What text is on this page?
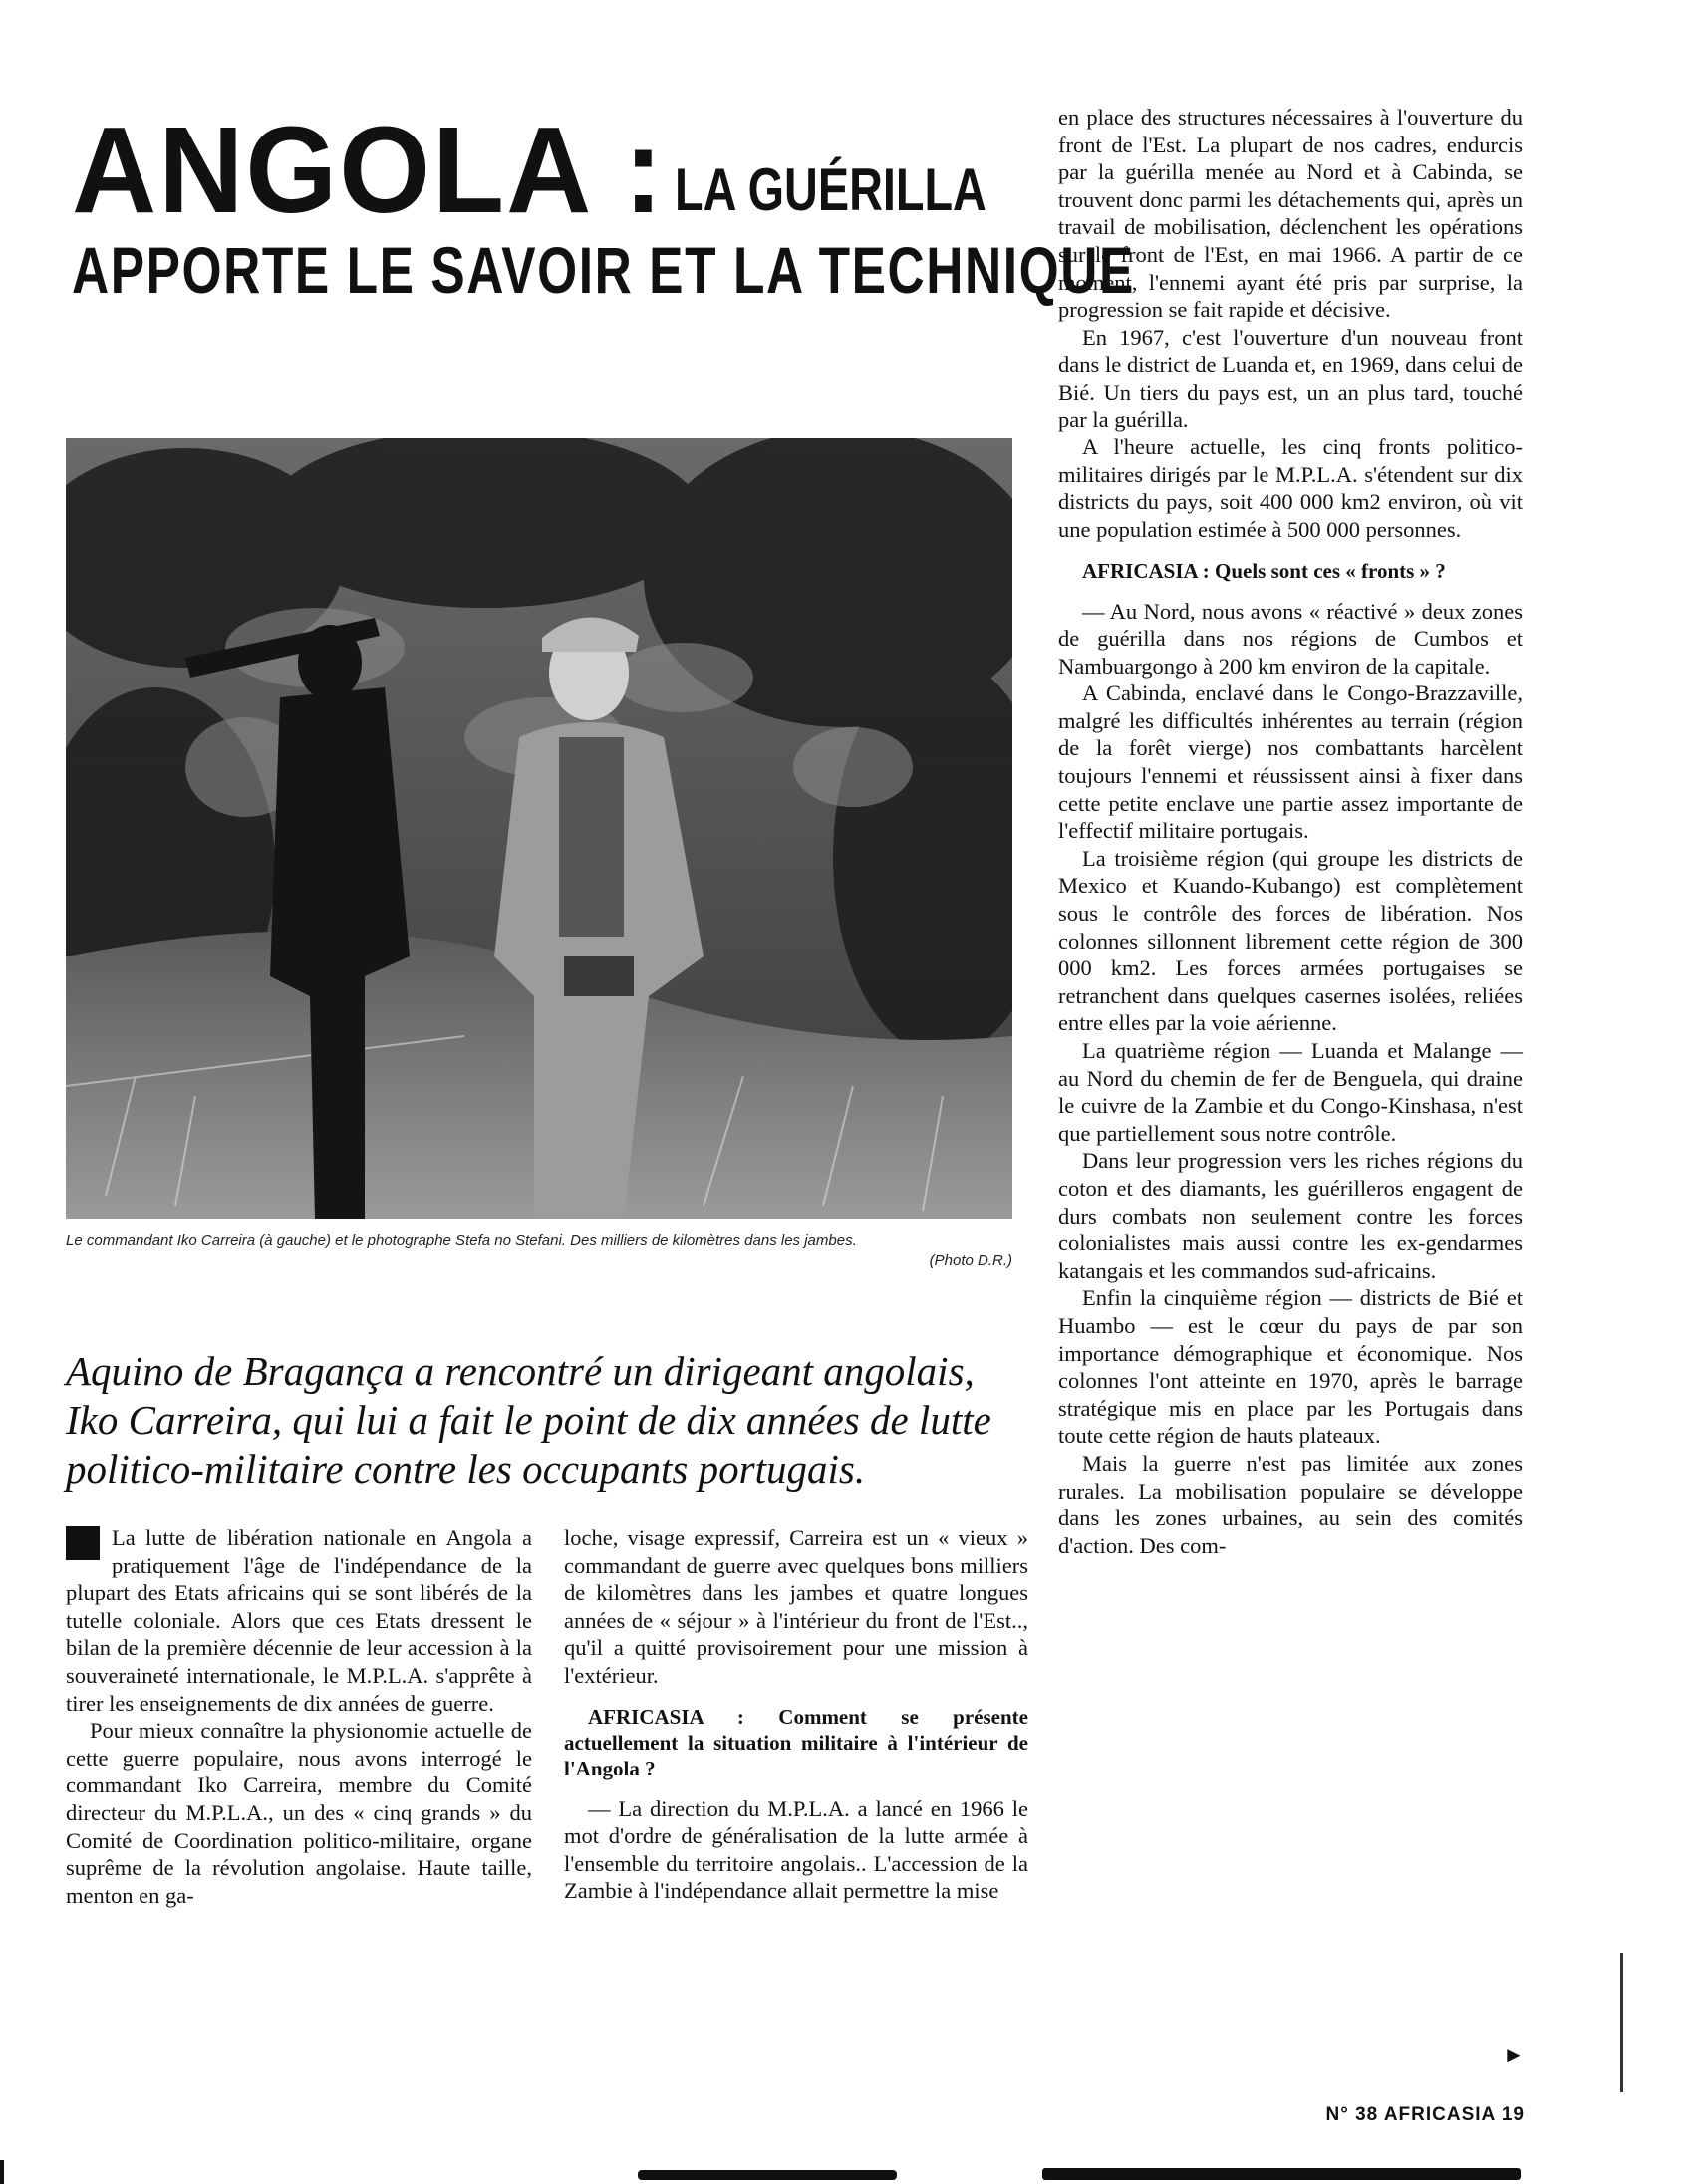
ANGOLA : LA GUÉRILLA
APPORTE LE SAVOIR ET LA TECHNIQUE
Le commandant Iko Carreira (à gauche) et le photographe Stefa no Stefani. Des milliers de kilomètres dans les jambes.
(Photo D.R.)
Aquino de Bragança a rencontré un dirigeant angolais, Iko Carreira, qui lui a fait le point de dix années de lutte politico-militaire contre les occupants portugais.

La lutte de libération nationale en Angola a pratiquement l'âge de l'indépendance de la plupart des Etats africains qui se sont libérés de la tutelle coloniale. Alors que ces Etats dressent le bilan de la première décennie de leur accession à la souveraineté internationale, le M.P.L.A. s'apprête à tirer les enseignements de dix années de guerre.

Pour mieux connaître la physionomie actuelle de cette guerre populaire, nous avons interrogé le commandant Iko Carreira, membre du Comité directeur du M.P.L.A., un des « cinq grands » du Comité de Coordination politico-militaire, organe suprême de la révolution angolaise. Haute taille, menton en ga-

loche, visage expressif, Carreira est un « vieux » commandant de guerre avec quelques bons milliers de kilomètres dans les jambes et quatre longues années de « séjour » à l'intérieur du front de l'Est.., qu'il a quitté provisoirement pour une mission à l'extérieur.

AFRICASIA : Comment se présente actuellement la situation militaire à l'intérieur de l'Angola ?

— La direction du M.P.L.A. a lancé en 1966 le mot d'ordre de généralisation de la lutte armée à l'ensemble du territoire angolais.. L'accession de la Zambie à l'indépendance allait permettre la mise

en place des structures nécessaires à l'ouverture du front de l'Est. La plupart de nos cadres, endurcis par la guérilla menée au Nord et à Cabinda, se trouvent donc parmi les détachements qui, après un travail de mobilisation, déclenchent les opérations sur le front de l'Est, en mai 1966. A partir de ce moment, l'ennemi ayant été pris par surprise, la progression se fait rapide et décisive.

En 1967, c'est l'ouverture d'un nouveau front dans le district de Luanda et, en 1969, dans celui de Bié. Un tiers du pays est, un an plus tard, touché par la guérilla.

A l'heure actuelle, les cinq fronts politico-militaires dirigés par le M.P.L.A. s'étendent sur dix districts du pays, soit 400 000 km2 environ, où vit une population estimée à 500 000 personnes.

AFRICASIA : Quels sont ces « fronts » ?

— Au Nord, nous avons « réactivé » deux zones de guérilla dans nos régions de Cumbos et Nambuargongo à 200 km environ de la capitale.

A Cabinda, enclavé dans le Congo-Brazzaville, malgré les difficultés inhérentes au terrain (région de la forêt vierge) nos combattants harcèlent toujours l'ennemi et réussissent ainsi à fixer dans cette petite enclave une partie assez importante de l'effectif militaire portugais.

La troisième région (qui groupe les districts de Mexico et Kuando-Kubango) est complètement sous le contrôle des forces de libération. Nos colonnes sillonnent librement cette région de 300 000 km2. Les forces armées portugaises se retranchent dans quelques casernes isolées, reliées entre elles par la voie aérienne.

La quatrième région — Luanda et Malange — au Nord du chemin de fer de Benguela, qui draine le cuivre de la Zambie et du Congo-Kinshasa, n'est que partiellement sous notre contrôle.

Dans leur progression vers les riches régions du coton et des diamants, les guérilleros engagent de durs combats non seulement contre les forces colonialistes mais aussi contre les ex-gendarmes katangais et les commandos sud-africains.

Enfin la cinquième région — districts de Bié et Huambo — est le cœur du pays de par son importance démographique et économique. Nos colonnes l'ont atteinte en 1970, après le barrage stratégique mis en place par les Portugais dans toute cette région de hauts plateaux.

Mais la guerre n'est pas limitée aux zones rurales. La mobilisation populaire se développe dans les zones urbaines, au sein des comités d'action. Des com-

►
N° 38 AFRICASIA 19
